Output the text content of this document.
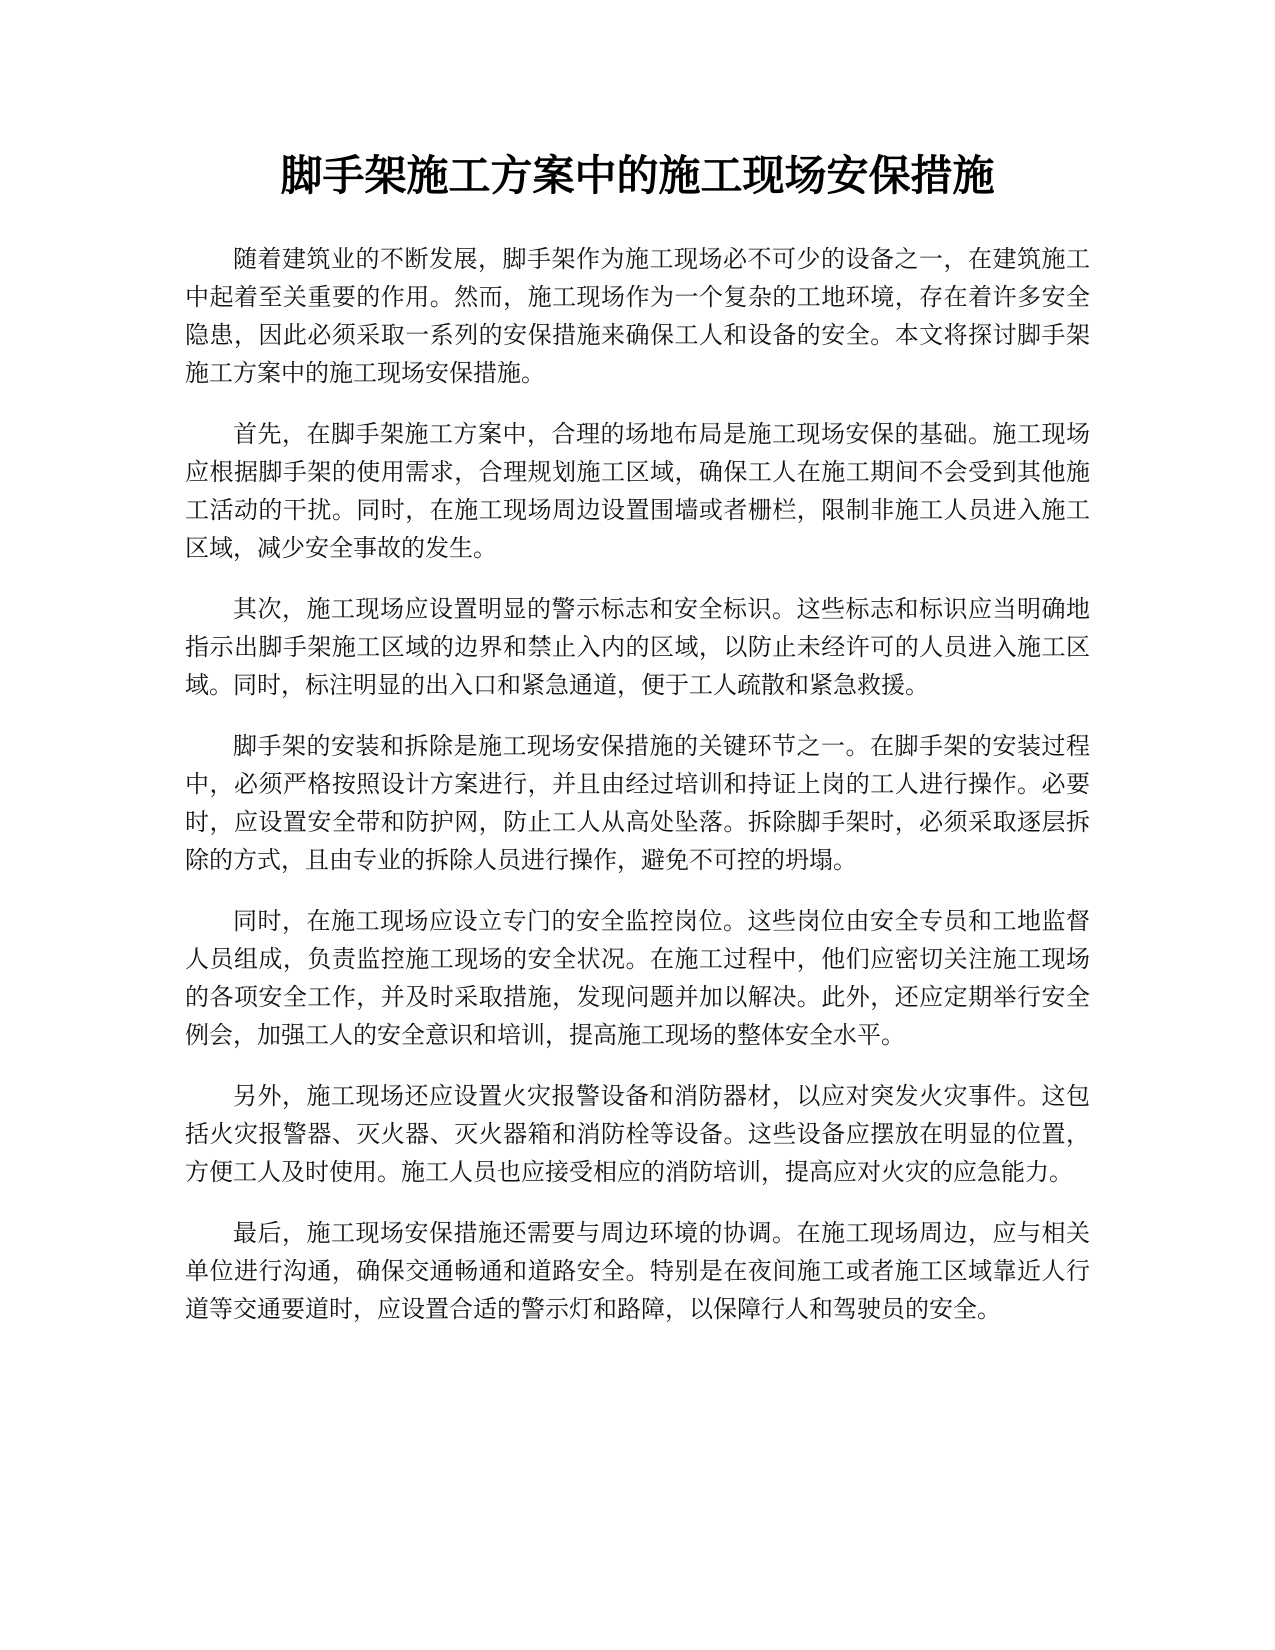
脚手架施工方案中的施工现场安保措施

随着建筑业的不断发展，脚手架作为施工现场必不可少的设备之一，在建筑施工中起着至关重要的作用。然而，施工现场作为一个复杂的工地环境，存在着许多安全隐患，因此必须采取一系列的安保措施来确保工人和设备的安全。本文将探讨脚手架施工方案中的施工现场安保措施。

首先，在脚手架施工方案中，合理的场地布局是施工现场安保的基础。施工现场应根据脚手架的使用需求，合理规划施工区域，确保工人在施工期间不会受到其他施工活动的干扰。同时，在施工现场周边设置围墙或者栅栏，限制非施工人员进入施工区域，减少安全事故的发生。

其次，施工现场应设置明显的警示标志和安全标识。这些标志和标识应当明确地指示出脚手架施工区域的边界和禁止入内的区域，以防止未经许可的人员进入施工区域。同时，标注明显的出入口和紧急通道，便于工人疏散和紧急救援。

脚手架的安装和拆除是施工现场安保措施的关键环节之一。在脚手架的安装过程中，必须严格按照设计方案进行，并且由经过培训和持证上岗的工人进行操作。必要时，应设置安全带和防护网，防止工人从高处坠落。拆除脚手架时，必须采取逐层拆除的方式，且由专业的拆除人员进行操作，避免不可控的坍塌。

同时，在施工现场应设立专门的安全监控岗位。这些岗位由安全专员和工地监督人员组成，负责监控施工现场的安全状况。在施工过程中，他们应密切关注施工现场的各项安全工作，并及时采取措施，发现问题并加以解决。此外，还应定期举行安全例会，加强工人的安全意识和培训，提高施工现场的整体安全水平。

另外，施工现场还应设置火灾报警设备和消防器材，以应对突发火灾事件。这包括火灾报警器、灭火器、灭火器箱和消防栓等设备。这些设备应摆放在明显的位置，方便工人及时使用。施工人员也应接受相应的消防培训，提高应对火灾的应急能力。

最后，施工现场安保措施还需要与周边环境的协调。在施工现场周边，应与相关单位进行沟通，确保交通畅通和道路安全。特别是在夜间施工或者施工区域靠近人行道等交通要道时，应设置合适的警示灯和路障，以保障行人和驾驶员的安全。
